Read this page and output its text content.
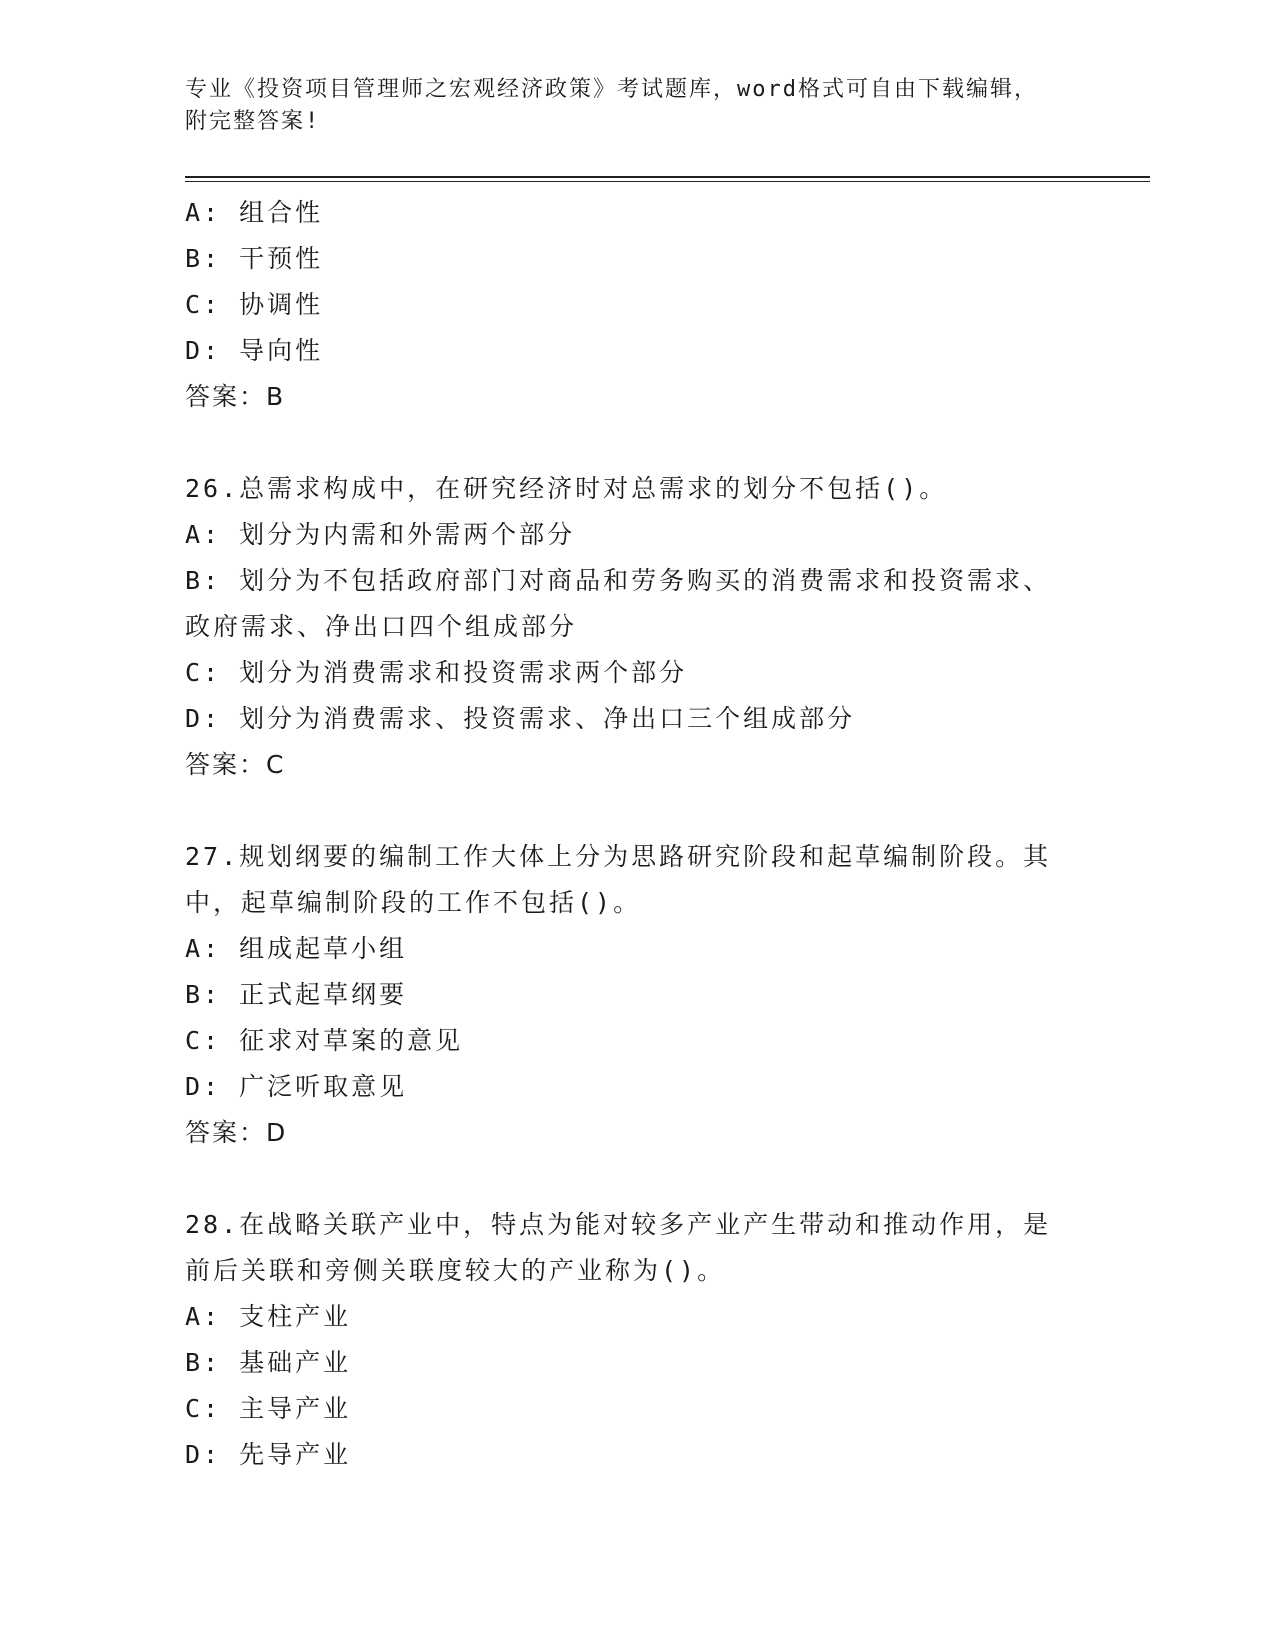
专业《投资项目管理师之宏观经济政策》考试题库，word格式可自由下载编辑，
附完整答案!
A: 组合性
B: 干预性
C: 协调性
D: 导向性
答案：B
26.总需求构成中，在研究经济时对总需求的划分不包括()。
A: 划分为内需和外需两个部分
B: 划分为不包括政府部门对商品和劳务购买的消费需求和投资需求、
政府需求、净出口四个组成部分
C: 划分为消费需求和投资需求两个部分
D: 划分为消费需求、投资需求、净出口三个组成部分
答案：C
27.规划纲要的编制工作大体上分为思路研究阶段和起草编制阶段。其
中，起草编制阶段的工作不包括()。
A: 组成起草小组
B: 正式起草纲要
C: 征求对草案的意见
D: 广泛听取意见
答案：D
28.在战略关联产业中，特点为能对较多产业产生带动和推动作用，是
前后关联和旁侧关联度较大的产业称为()。
A: 支柱产业
B: 基础产业
C: 主导产业
D: 先导产业
